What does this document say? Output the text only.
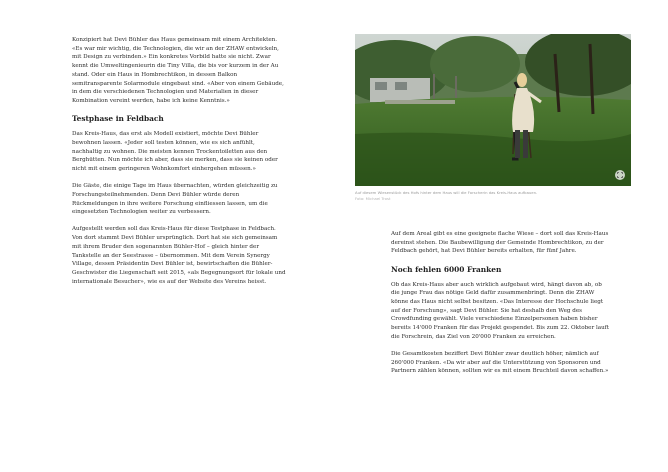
Konzipiert hat Devi Bühler das Haus gemeinsam mit einem Architekten. «Es war mir wichtig, die Technologien, die wir an der ZHAW entwickeln, mit Design zu verbinden.» Ein konkretes Vorbild hatte sie nicht. Zwar kennt die Umweltingenieurin die Tiny Villa, die bis vor kurzem in der Au stand. Oder ein Haus in Hombrechtikon, in dessen Balkon semitransparente Solarmodule eingebaut sind. «Aber von einem Gebäude, in dem die verschiedenen Technologien und Materialien in dieser Kombination vereint werden, habe ich keine Kenntnis.»

Testphase in Feldbach

Das Kreis-Haus, das erst als Modell existiert, möchte Devi Bühler bewohnen lassen. «Jeder soll testen können, wie es sich anfühlt, nachhaltig zu wohnen. Die meisten kennen Trockentoiletten aus den Berghütten. Nun möchte ich aber, dass sie merken, dass sie keinen oder nicht mit einem geringeren Wohnkomfort einhergehen müssen.»

Die Gäste, die einige Tage im Haus übernachten, würden gleichzeitig zu Forschungsteilnehmenden. Denn Devi Bühler würde deren Rückmeldungen in ihre weitere Forschung einfliessen lassen, um die eingesetzten Technologien weiter zu verbessern.

Aufgestellt werden soll das Kreis-Haus für diese Testphase in Feldbach. Von dort stammt Devi Bühler ursprünglich. Dort hat sie sich gemeinsam mit ihrem Bruder den sogenannten Bühler-Hof – gleich hinter der Tankstelle an der Seestrasse – übernommen. Mit dem Verein Synergy Village, dessen Präsidentin Devi Bühler ist, bewirtschaften die Bühler-Geschwister die Liegenschaft seit 2015, «als Begegnungsort für lokale und internationale Besucher», wie es auf der Website des Vereins heisst.

Auf diesem Wiesenstück des Hofs hinter dem Haus will die Forscherin das Kreis-Haus aufbauen.
Foto: Michael Trost

Auf dem Areal gibt es eine geeignete flache Wiese – dort soll das Kreis-Haus dereinst stehen. Die Baubewilligung der Gemeinde Hombrechtikon, zu der Feldbach gehört, hat Devi Bühler bereits erhalten, für fünf Jahre.

Noch fehlen 6000 Franken

Ob das Kreis-Haus aber auch wirklich aufgebaut wird, hängt davon ab, ob die junge Frau das nötige Geld dafür zusammenbringt. Denn die ZHAW könne das Haus nicht selbst besitzen. «Das Interesse der Hochschule liegt auf der Forschung», sagt Devi Bühler. Sie hat deshalb den Weg des Crowdfunding gewählt. Viele verschiedene Einzelpersonen haben bisher bereits 14'000 Franken für das Projekt gespendet. Bis zum 22. Oktober lauft die Forschrein, das Ziel von 20'000 Franken zu erreichen.

Die Gesamtkosten beziffert Devi Bühler zwar deutlich höher, nämlich auf 260'000 Franken. «Da wir aber auf die Unterstützung von Sponsoren und Partnern zählen können, sollten wir es mit einem Bruchteil davon schaffen.»
